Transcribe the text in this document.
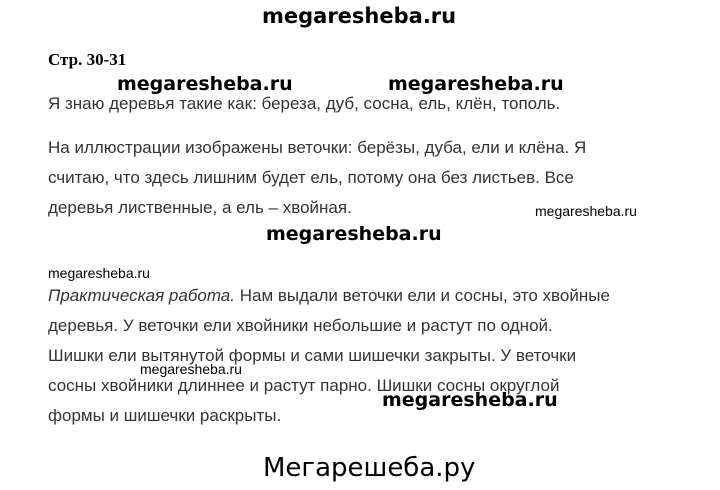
megaresheba.ru
Стр. 30-31
megaresheba.ru	megaresheba.ru
Я знаю деревья такие как: береза, дуб, сосна, ель, клён, тополь.
На иллюстрации изображены веточки: берёзы, дуба, ели и клёна. Я
считаю, что здесь лишним будет ель, потому она без листьев. Все
деревья лиственные, а ель – хвойная.	megaresheba.ru
megaresheba.ru
megaresheba.ru
Практическая работа. Нам выдали веточки ели и сосны, это хвойные
деревья. У веточки ели хвойники небольшие и растут по одной.
Шишки ели вытянутой формы и сами шишечки закрыты. У веточки
megaresheba.ru
сосны хвойники длиннее и растут парно. Шишки сосны округлой
megaresheba.ru
формы и шишечки раскрыты.
Мегарешеба.ру
